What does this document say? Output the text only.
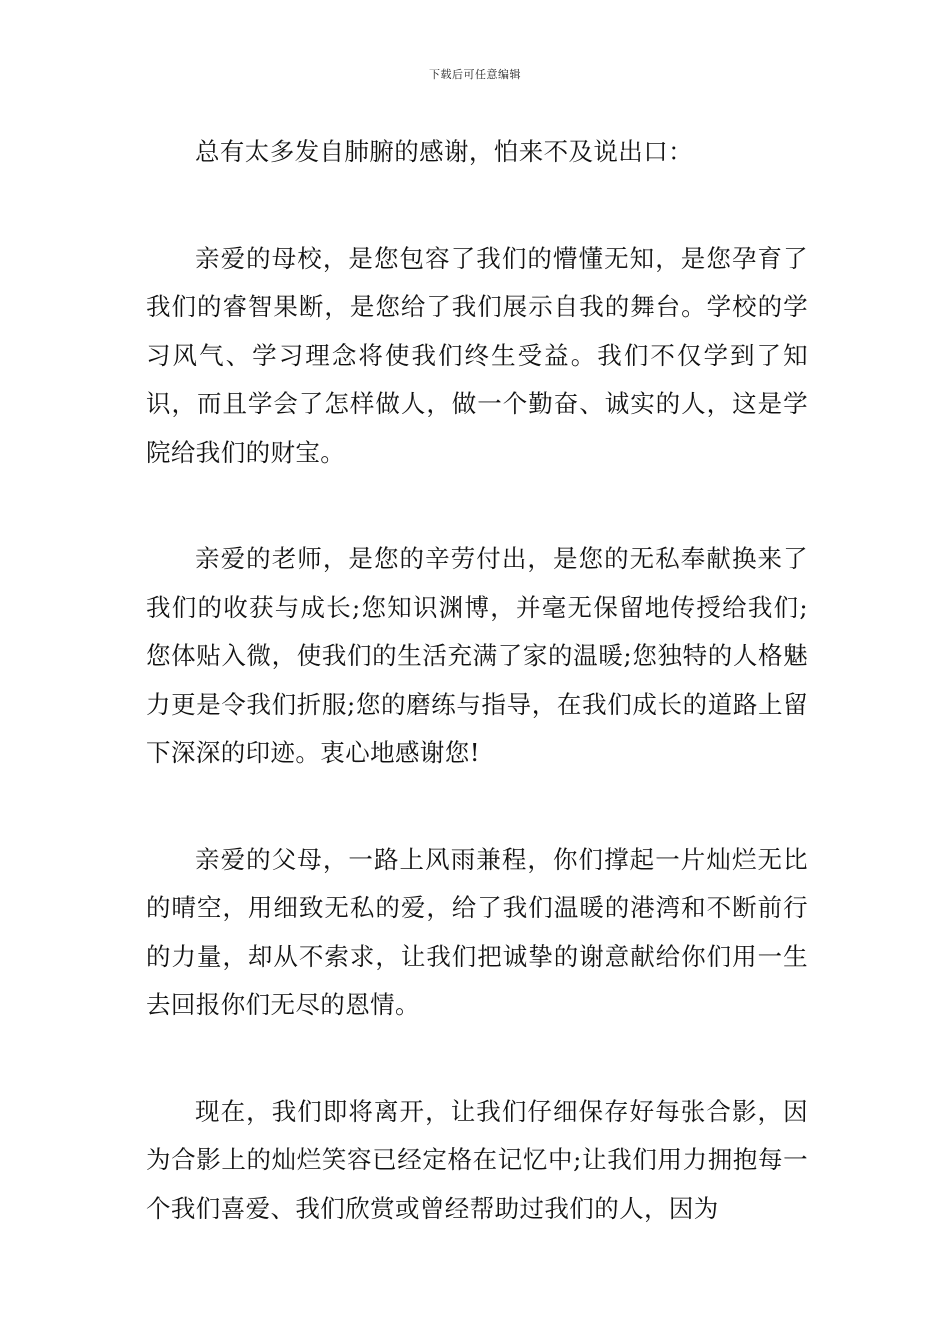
下载后可任意编辑

总有太多发自肺腑的感谢，怕来不及说出口：

亲爱的母校，是您包容了我们的懵懂无知，是您孕育了我们的睿智果断，是您给了我们展示自我的舞台。学校的学习风气、学习理念将使我们终生受益。我们不仅学到了知识，而且学会了怎样做人，做一个勤奋、诚实的人，这是学院给我们的财宝。

亲爱的老师，是您的辛劳付出，是您的无私奉献换来了我们的收获与成长;您知识渊博，并毫无保留地传授给我们;您体贴入微，使我们的生活充满了家的温暖;您独特的人格魅力更是令我们折服;您的磨练与指导，在我们成长的道路上留下深深的印迹。衷心地感谢您!

亲爱的父母，一路上风雨兼程，你们撑起一片灿烂无比的晴空，用细致无私的爱，给了我们温暖的港湾和不断前行的力量，却从不索求，让我们把诚挚的谢意献给你们用一生去回报你们无尽的恩情。

现在，我们即将离开，让我们仔细保存好每张合影，因为合影上的灿烂笑容已经定格在记忆中;让我们用力拥抱每一个我们喜爱、我们欣赏或曾经帮助过我们的人，因为
